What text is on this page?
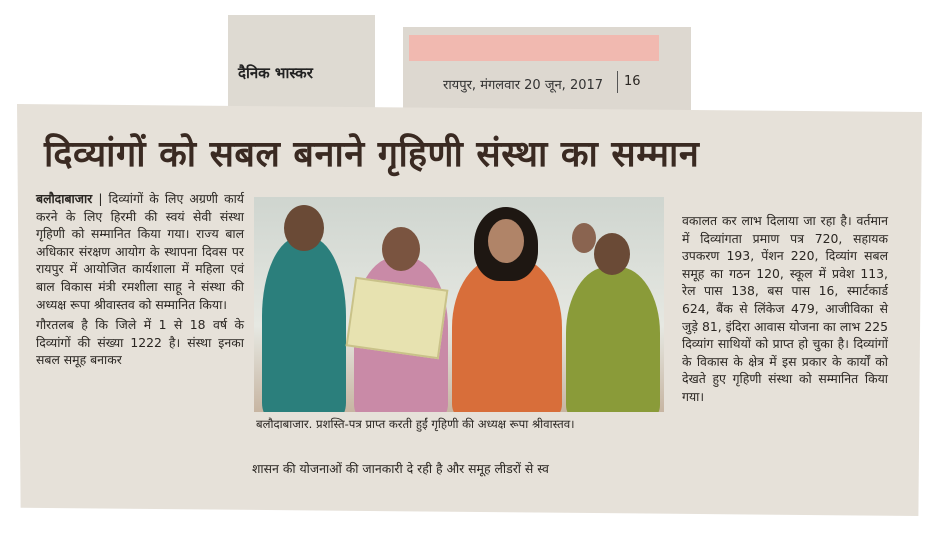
दैनिक भास्कर
रायपुर, मंगलवार 20 जून, 2017	16
दिव्यांगों को सबल बनाने गृहिणी संस्था का सम्मान

बलौदाबाजार | दिव्यांगों के लिए अग्रणी कार्य करने के लिए हिरमी की स्वयं सेवी संस्था गृहिणी को सम्मानित किया गया। राज्य बाल अधिकार संरक्षण आयोग के स्थापना दिवस पर रायपुर में आयोजित कार्यशाला में महिला एवं बाल विकास मंत्री रमशीला साहू ने संस्था की अध्यक्ष रूपा श्रीवास्तव को सम्मानित किया।

गौरतलब है कि जिले में 1 से 18 वर्ष के दिव्यांगों की संख्या 1222 है। संस्था इनका सबल समूह बनाकर

बलौदाबाजार. प्रशस्ति-पत्र प्राप्त करती हुईं गृहिणी की अध्यक्ष रूपा श्रीवास्तव।
शासन की योजनाओं की जानकारी दे रही है और समूह लीडरों से स्व

वकालत कर लाभ दिलाया जा रहा है। वर्तमान में दिव्यांगता प्रमाण पत्र 720, सहायक उपकरण 193, पेंशन 220, दिव्यांग सबल समूह का गठन 120, स्कूल में प्रवेश 113, रेल पास 138, बस पास 16, स्मार्टकार्ड 624, बैंक से लिंकेज 479, आजीविका से जुड़े 81, इंदिरा आवास योजना का लाभ 225 दिव्यांग साथियों को प्राप्त हो चुका है। दिव्यांगों के विकास के क्षेत्र में इस प्रकार के कार्यों को देखते हुए गृहिणी संस्था को सम्मानित किया गया।
